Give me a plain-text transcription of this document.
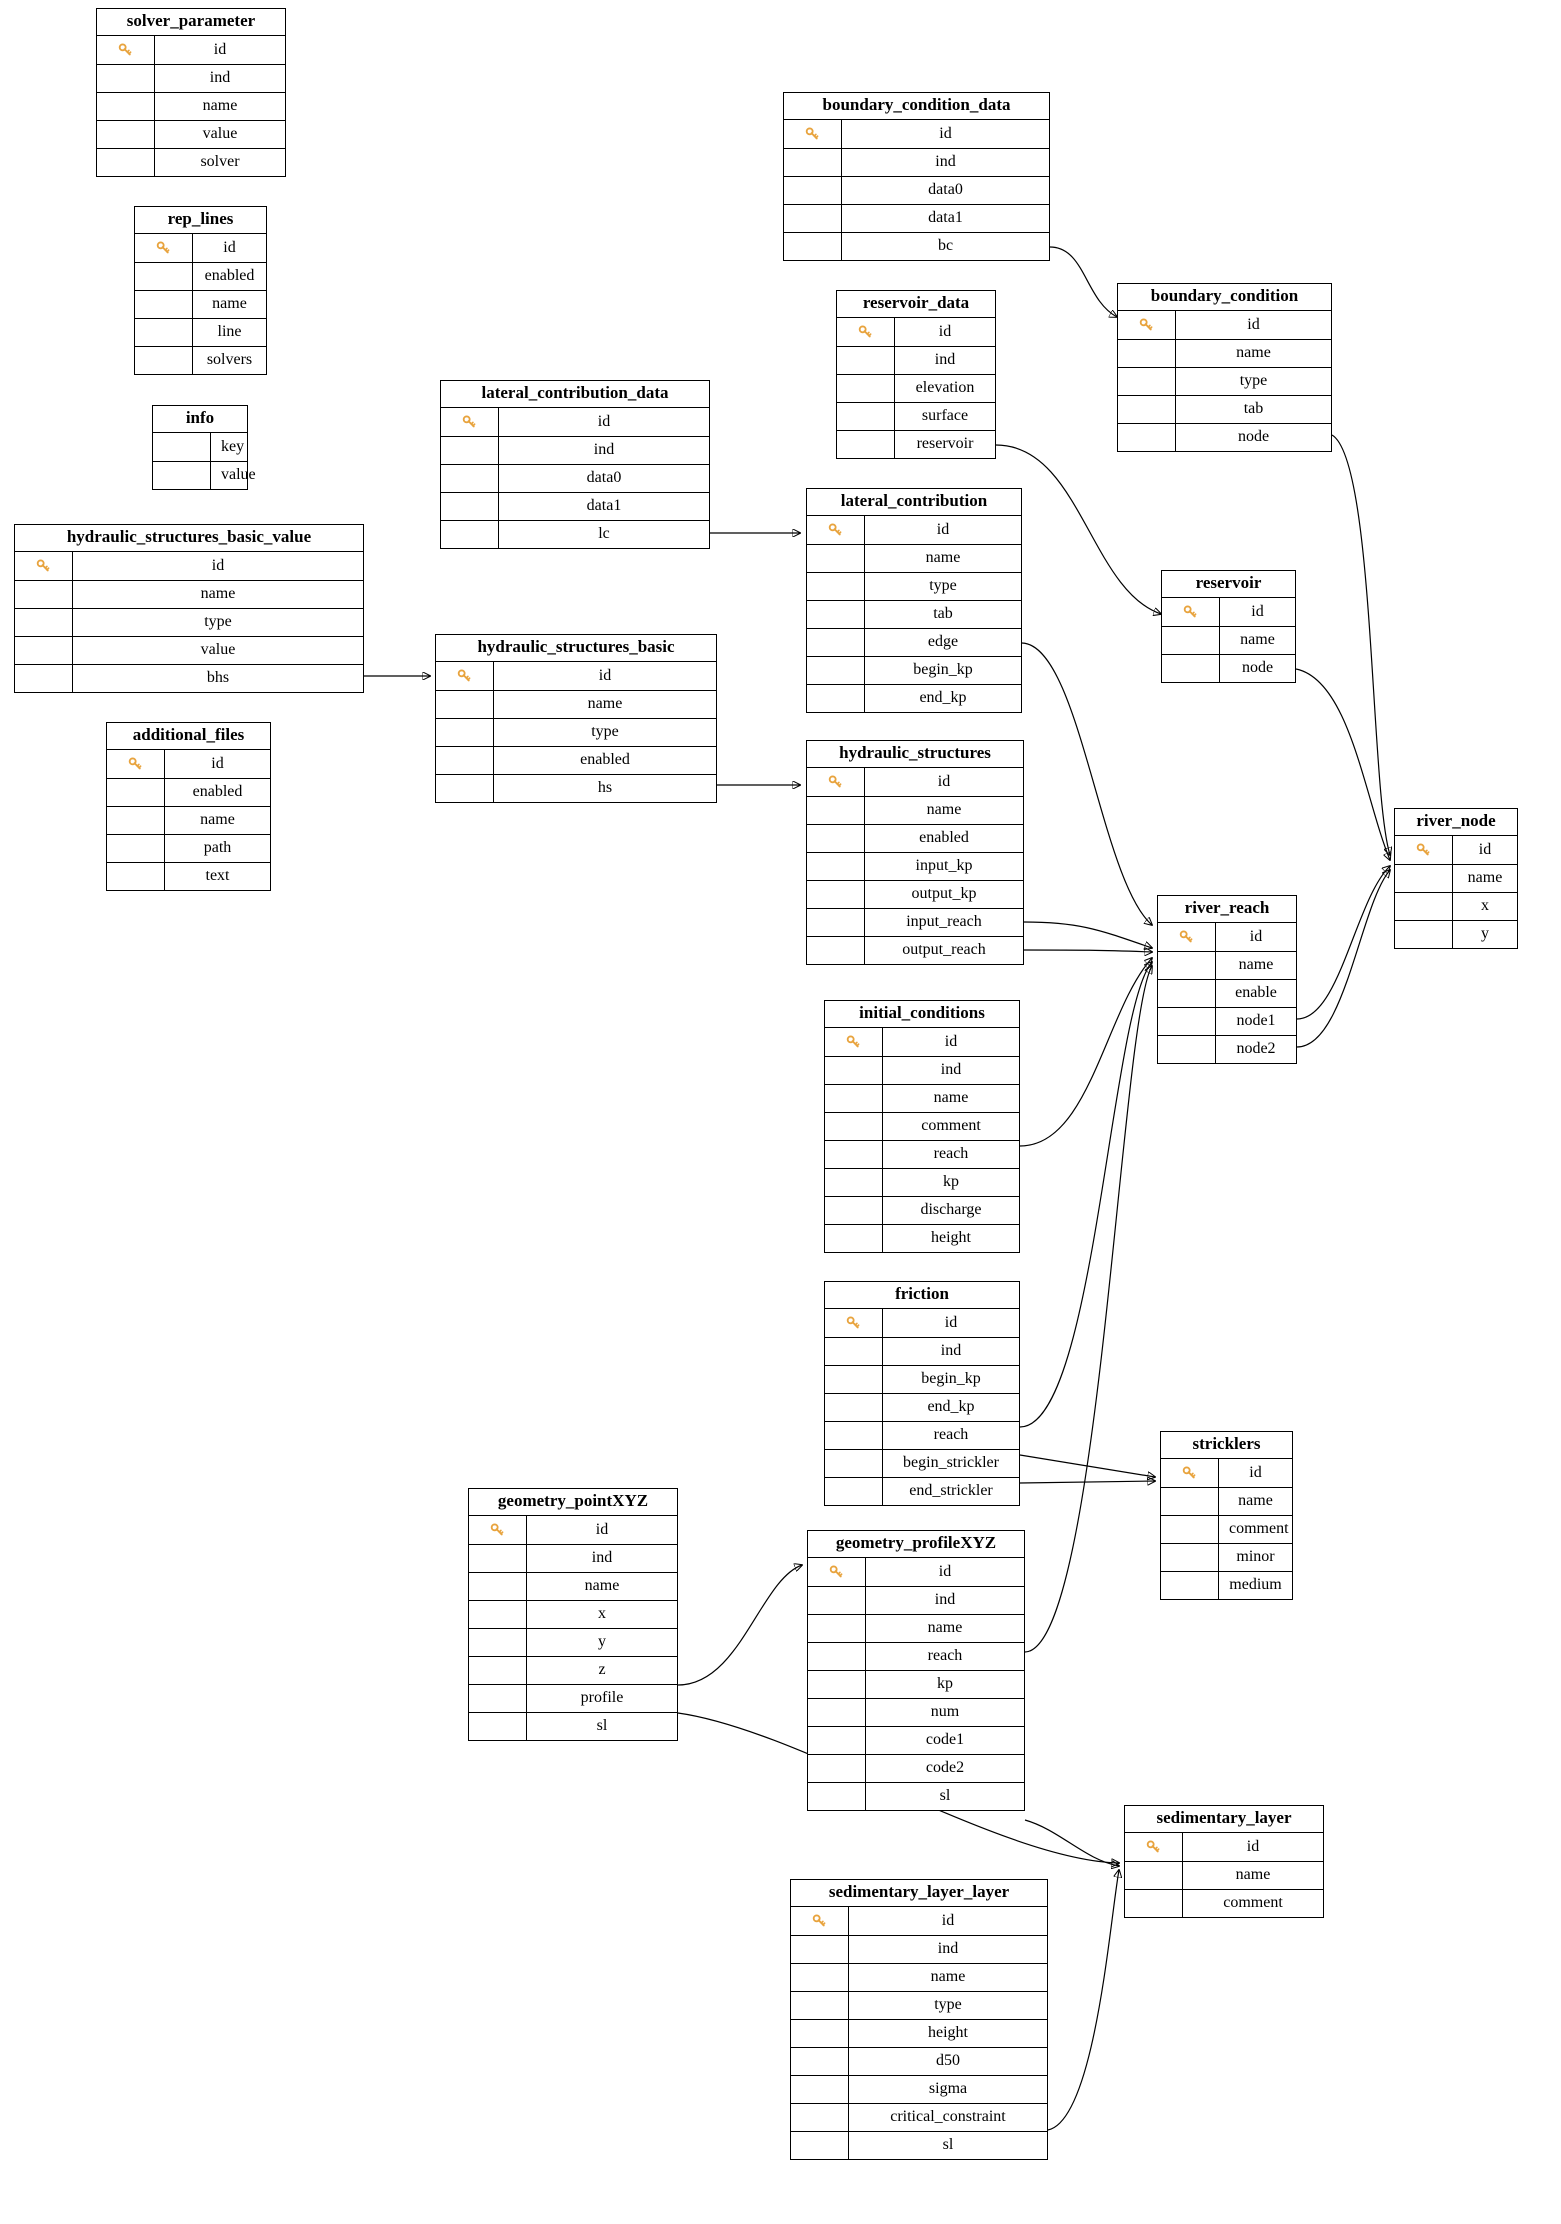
solver_parameter
id
ind
name
value
solver
rep_lines
id
enabled
name
line
solvers
info
key
value
hydraulic_structures_basic_value
id
name
type
value
bhs
additional_files
id
enabled
name
path
text
lateral_contribution_data
id
ind
data0
data1
lc
hydraulic_structures_basic
id
name
type
enabled
hs
geometry_pointXYZ
id
ind
name
x
y
z
profile
sl
boundary_condition_data
id
ind
data0
data1
bc
reservoir_data
id
ind
elevation
surface
reservoir
lateral_contribution
id
name
type
tab
edge
begin_kp
end_kp
hydraulic_structures
id
name
enabled
input_kp
output_kp
input_reach
output_reach
initial_conditions
id
ind
name
comment
reach
kp
discharge
height
friction
id
ind
begin_kp
end_kp
reach
begin_strickler
end_strickler
geometry_profileXYZ
id
ind
name
reach
kp
num
code1
code2
sl
sedimentary_layer_layer
id
ind
name
type
height
d50
sigma
critical_constraint
sl
boundary_condition
id
name
type
tab
node
reservoir
id
name
node
river_reach
id
name
enable
node1
node2
river_node
id
name
x
y
stricklers
id
name
comment
minor
medium
sedimentary_layer
id
name
comment
